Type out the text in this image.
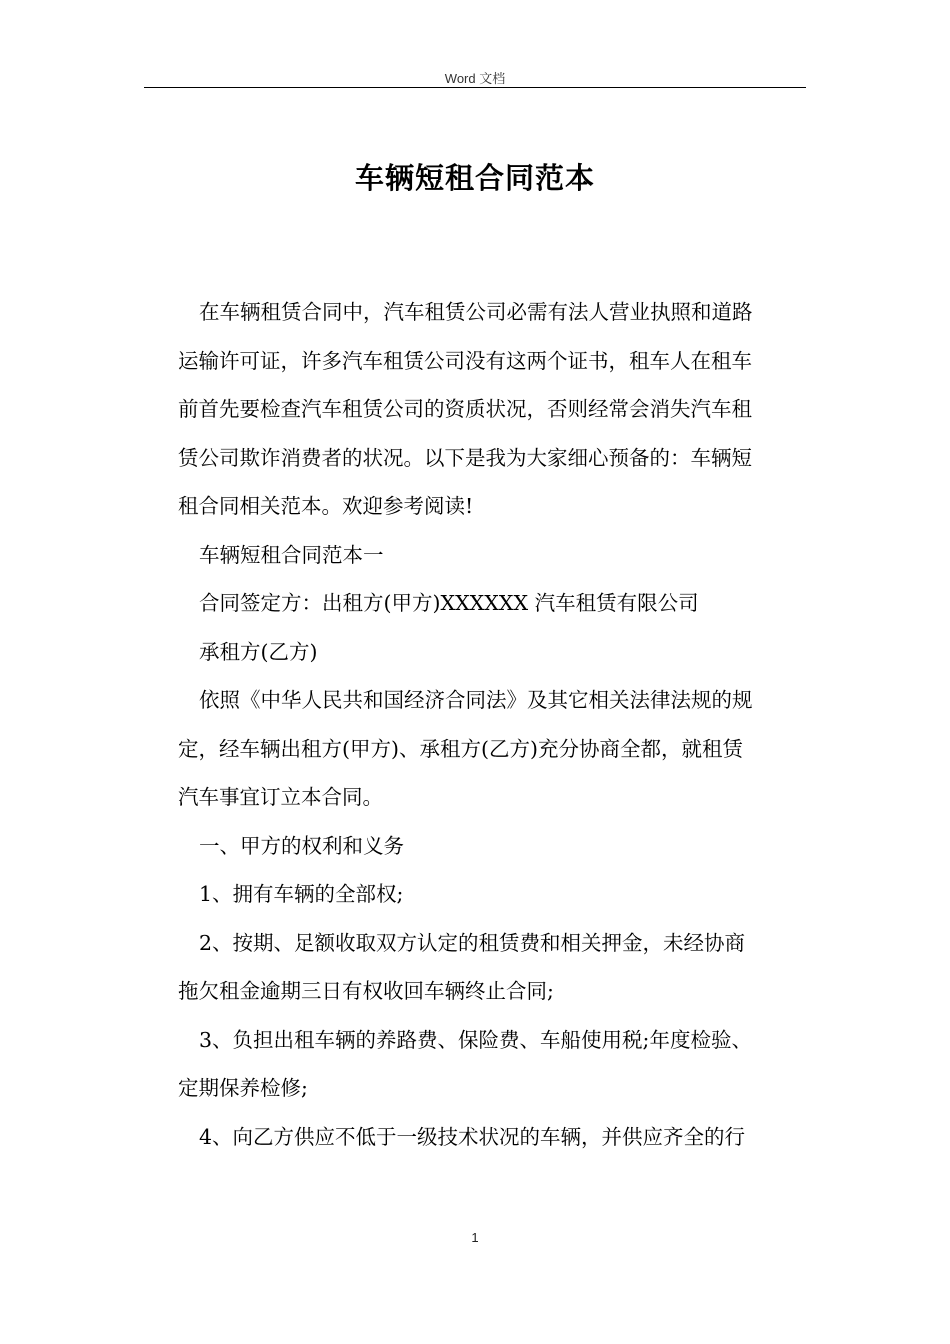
Word 文档
车辆短租合同范本
在车辆租赁合同中，汽车租赁公司必需有法人营业执照和道路
运输许可证，许多汽车租赁公司没有这两个证书，租车人在租车
前首先要检查汽车租赁公司的资质状况，否则经常会消失汽车租
赁公司欺诈消费者的状况。以下是我为大家细心预备的：车辆短
租合同相关范本。欢迎参考阅读!
车辆短租合同范本一
合同签定方：出租方(甲方)XXXXXX 汽车租赁有限公司
承租方(乙方)
依照《中华人民共和国经济合同法》及其它相关法律法规的规
定，经车辆出租方(甲方)、承租方(乙方)充分协商全都，就租赁
汽车事宜订立本合同。
一、甲方的权利和义务
1、拥有车辆的全部权;
2、按期、足额收取双方认定的租赁费和相关押金，未经协商
拖欠租金逾期三日有权收回车辆终止合同;
3、负担出租车辆的养路费、保险费、车船使用税;年度检验、
定期保养检修;
4、向乙方供应不低于一级技术状况的车辆，并供应齐全的行
1
